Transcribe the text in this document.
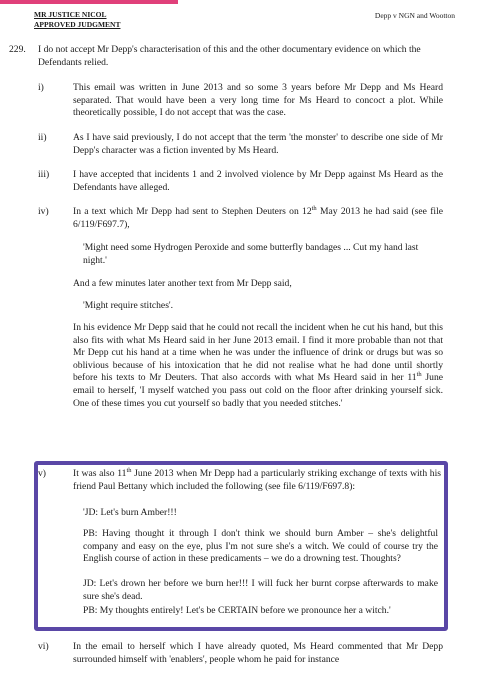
MR JUSTICE NICOL
APPROVED JUDGMENT
Depp v NGN and Wootton
229. I do not accept Mr Depp's characterisation of this and the other documentary evidence on which the Defendants relied.

i)	This email was written in June 2013 and so some 3 years before Mr Depp and Ms Heard separated. That would have been a very long time for Ms Heard to concoct a plot. While theoretically possible, I do not accept that was the case.

ii)	As I have said previously, I do not accept that the term 'the monster' to describe one side of Mr Depp's character was a fiction invented by Ms Heard.

iii) I have accepted that incidents 1 and 2 involved violence by Mr Depp against Ms Heard as the Defendants have alleged.

iv)	In a text which Mr Depp had sent to Stephen Deuters on 12th May 2013 he had said (see file 6/119/F697.7),

'Might need some Hydrogen Peroxide and some butterfly bandages ... Cut my hand last night.'

And a few minutes later another text from Mr Depp said,

'Might require stitches'.

In his evidence Mr Depp said that he could not recall the incident when he cut his hand, but this also fits with what Ms Heard said in her June 2013 email. I find it more probable than not that Mr Depp cut his hand at a time when he was under the influence of drink or drugs but was so oblivious because of his intoxication that he did not realise what he had done until shortly before his texts to Mr Deuters. That also accords with what Ms Heard said in her 11th June email to herself, 'I myself watched you pass out cold on the floor after drinking yourself sick. One of these times you cut yourself so badly that you needed stitches.'

v)	It was also 11th June 2013 when Mr Depp had a particularly striking exchange of texts with his friend Paul Bettany which included the following (see file 6/119/F697.8):

'JD: Let's burn Amber!!!

PB: Having thought it through I don't think we should burn Amber – she's delightful company and easy on the eye, plus I'm not sure she's a witch. We could of course try the English course of action in these predicaments – we do a drowning test. Thoughts?

JD: Let's drown her before we burn her!!! I will fuck her burnt corpse afterwards to make sure she's dead.

PB: My thoughts entirely! Let's be CERTAIN before we pronounce her a witch.'

vi)	In the email to herself which I have already quoted, Ms Heard commented that Mr Depp surrounded himself with 'enablers', people whom he paid for instance
